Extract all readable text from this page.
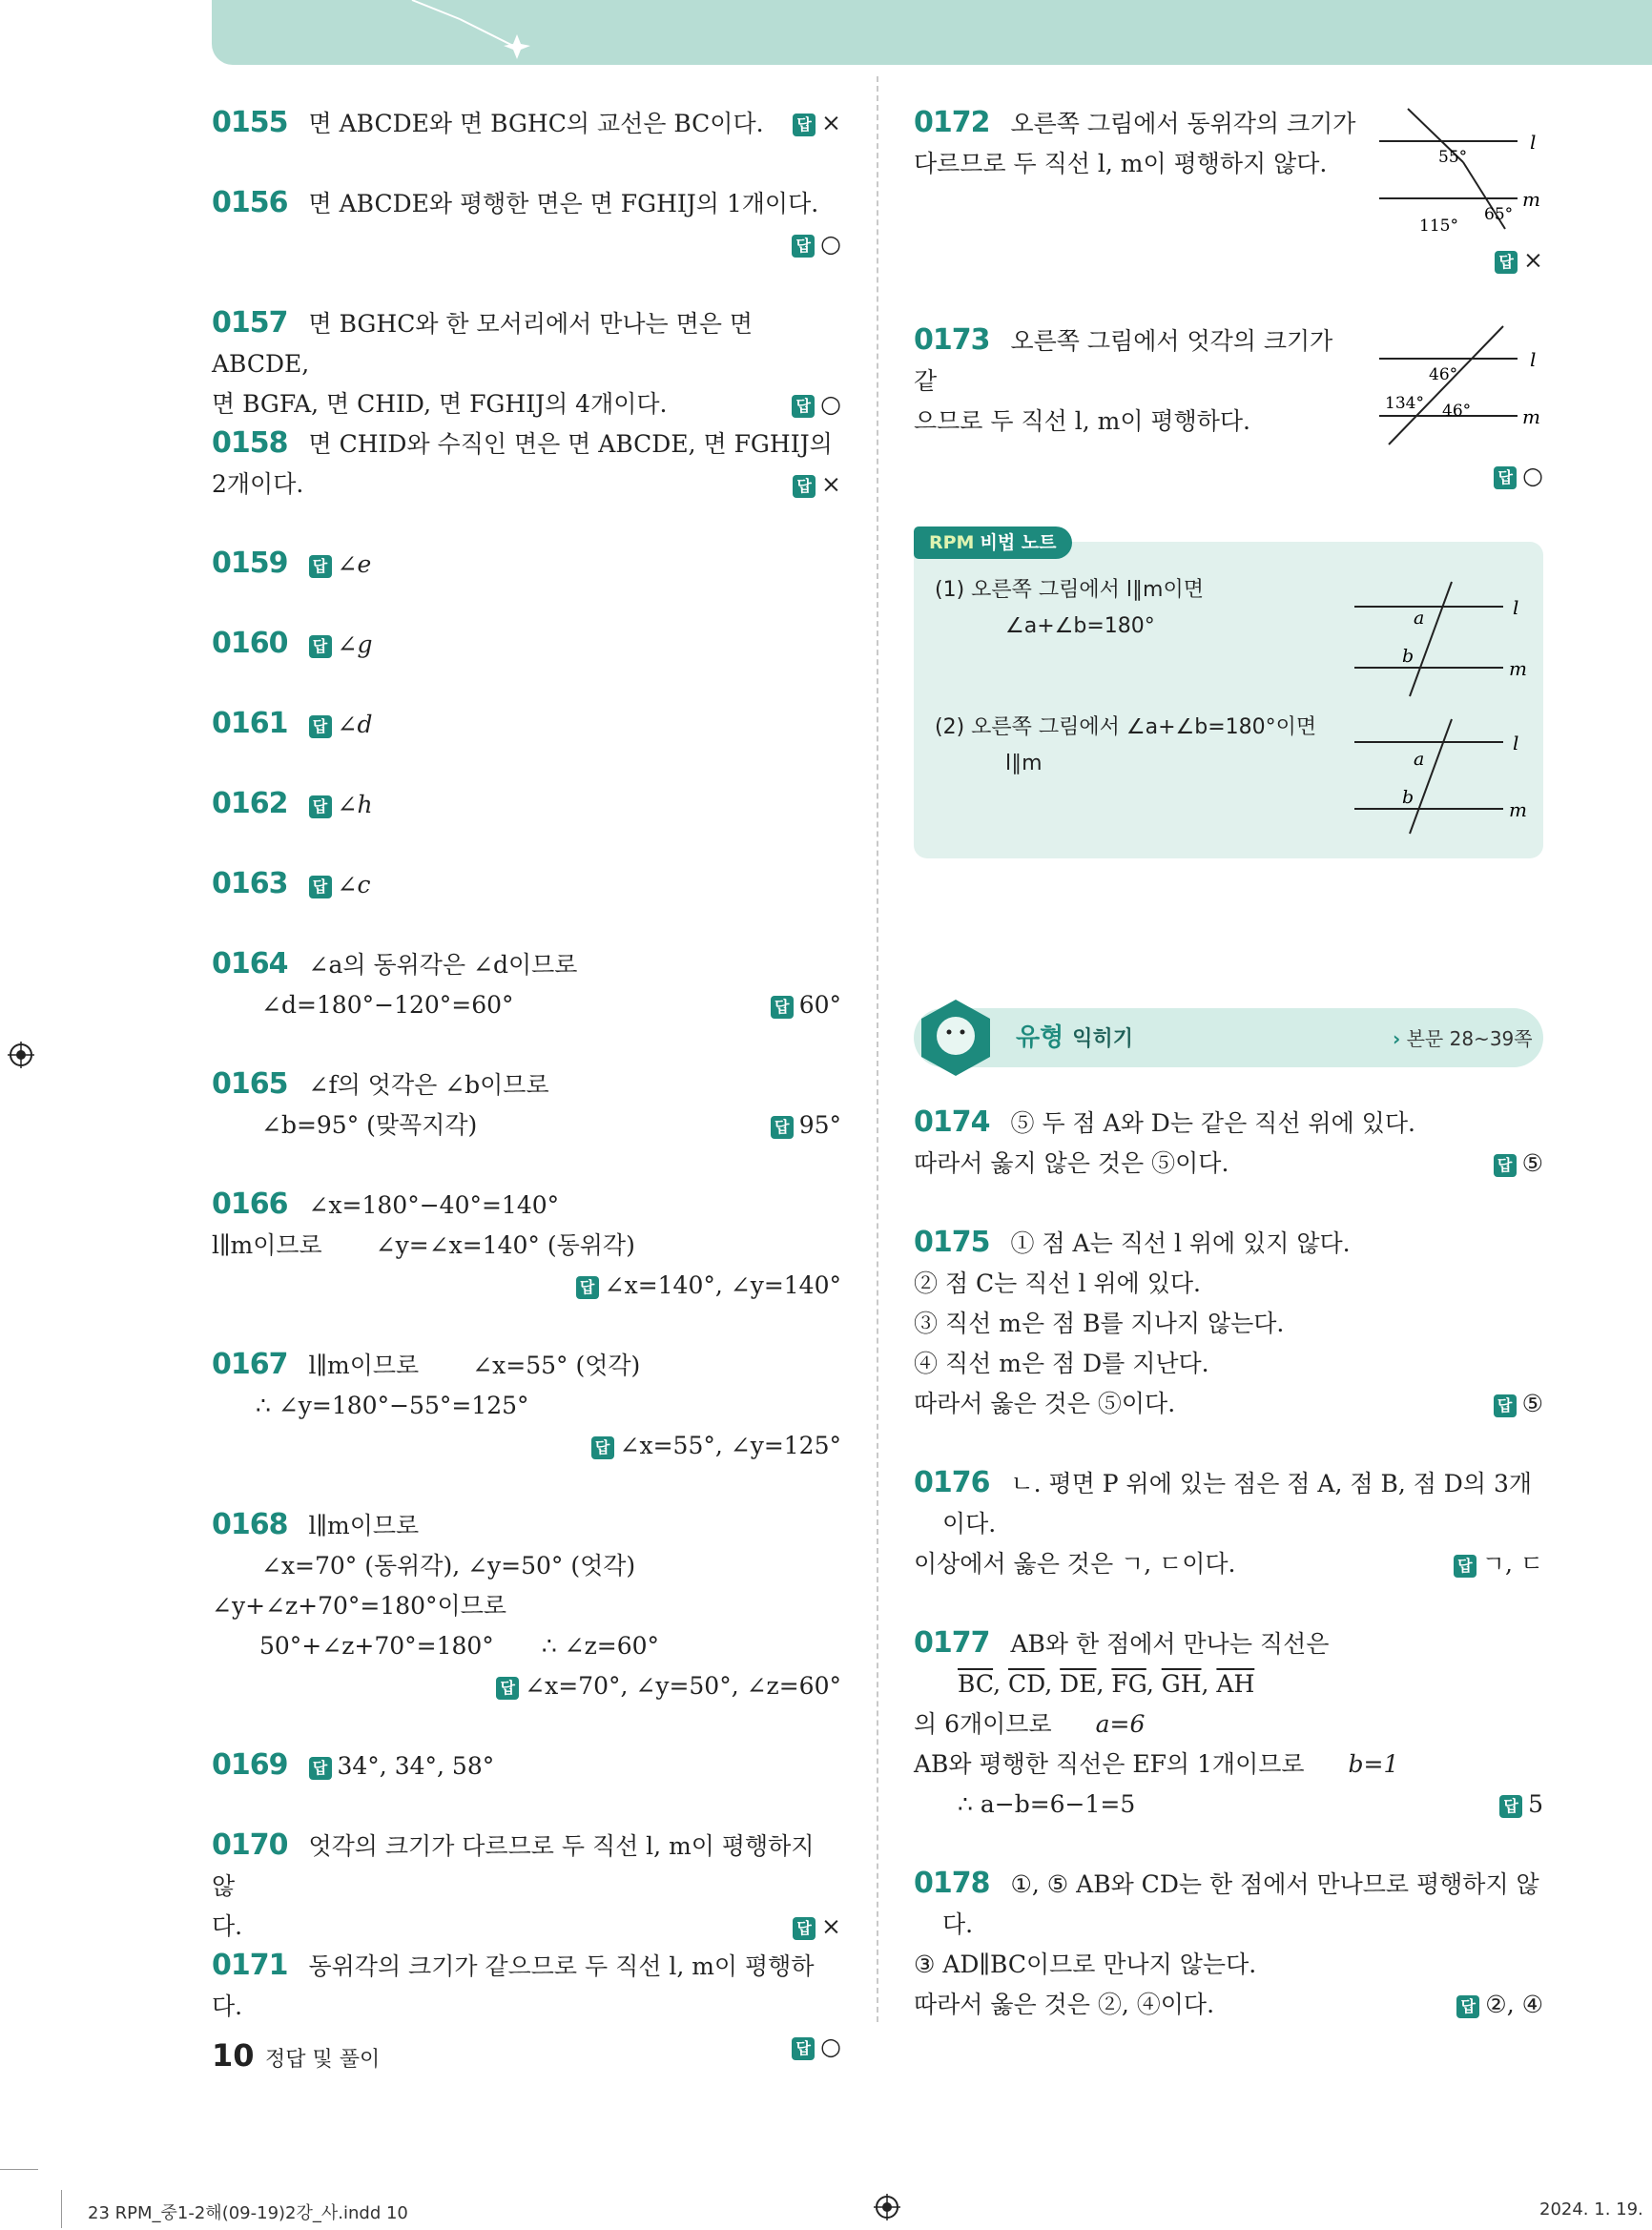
0155 면 ABCDE와 면 BGHC의 교선은 BC이다. 답 ×
0156 면 ABCDE와 평행한 면은 면 FGHIJ의 1개이다.
답 ○
0157 면 BGHC와 한 모서리에서 만나는 면은 면 ABCDE,
면 BGFA, 면 CHID, 면 FGHIJ의 4개이다.	답 ○
0158 면 CHID와 수직인 면은 면 ABCDE, 면 FGHIJ의
2개이다.	답 ×
0159 답 ∠e
0160 답 ∠g
0161 답 ∠d
0162 답 ∠h
0163 답 ∠c
0164 ∠a의 동위각은 ∠d이므로
∠d=180°−120°=60°	답 60°
0165 ∠f의 엇각은 ∠b이므로
∠b=95° (맞꼭지각)	답 95°
0166 ∠x=180°−40°=140°
l∥m이므로 ∠y=∠x=140° (동위각)
답 ∠x=140°, ∠y=140°
0167 l∥m이므로 ∠x=55° (엇각)
∴ ∠y=180°−55°=125°
답 ∠x=55°, ∠y=125°
0168 l∥m이므로
∠x=70° (동위각), ∠y=50° (엇각)
∠y+∠z+70°=180°이므로
50°+∠z+70°=180° ∴ ∠z=60°
답 ∠x=70°, ∠y=50°, ∠z=60°
0169 답 34°, 34°, 58°
0170 엇각의 크기가 다르므로 두 직선 l, m이 평행하지 않
다.	답 ×
0171 동위각의 크기가 같으므로 두 직선 l, m이 평행하다.
답 ○
0172 오른쪽 그림에서 동위각의 크기가
다르므로 두 직선 l, m이 평행하지 않다.
l
m
55°
65°
115°
답 ×
0173 오른쪽 그림에서 엇각의 크기가 같
으므로 두 직선 l, m이 평행하다.
l
m
46°
134° 46°
답 ○
RPM 비법 노트
(1) 오른쪽 그림에서 l∥m이면
∠a+∠b=180°
(2) 오른쪽 그림에서 ∠a+∠b=180°이면
l∥m
l
m
a
b
l
m
a
b
유형 익히기	› 본문 28~39쪽
0174 ⑤ 두 점 A와 D는 같은 직선 위에 있다.
따라서 옳지 않은 것은 ⑤이다.	답 ⑤
0175 ① 점 A는 직선 l 위에 있지 않다.
② 점 C는 직선 l 위에 있다.
③ 직선 m은 점 B를 지나지 않는다.
④ 직선 m은 점 D를 지난다.
따라서 옳은 것은 ⑤이다.	답 ⑤
0176 ㄴ. 평면 P 위에 있는 점은 점 A, 점 B, 점 D의 3개
이다.
이상에서 옳은 것은 ㄱ, ㄷ이다.	답 ㄱ, ㄷ
0177 AB와 한 점에서 만나는 직선은
$\overline{BC}$, $\overline{CD}$, $\overline{DE}$, $\overline{FG}$, $\overline{GH}$, $\overline{AH}$
의 6개이므로 a=6
AB와 평행한 직선은 EF의 1개이므로 b=1
∴ a−b=6−1=5	답 5
0178 ①, ⑤ AB와 CD는 한 점에서 만나므로 평행하지 않
다.
③ AD∥BC이므로 만나지 않는다.
따라서 옳은 것은 ②, ④이다.	답 ②, ④
10 정답 및 풀이
23 RPM_중1-2해(09-19)2강_사.indd 10	2024. 1. 19.
